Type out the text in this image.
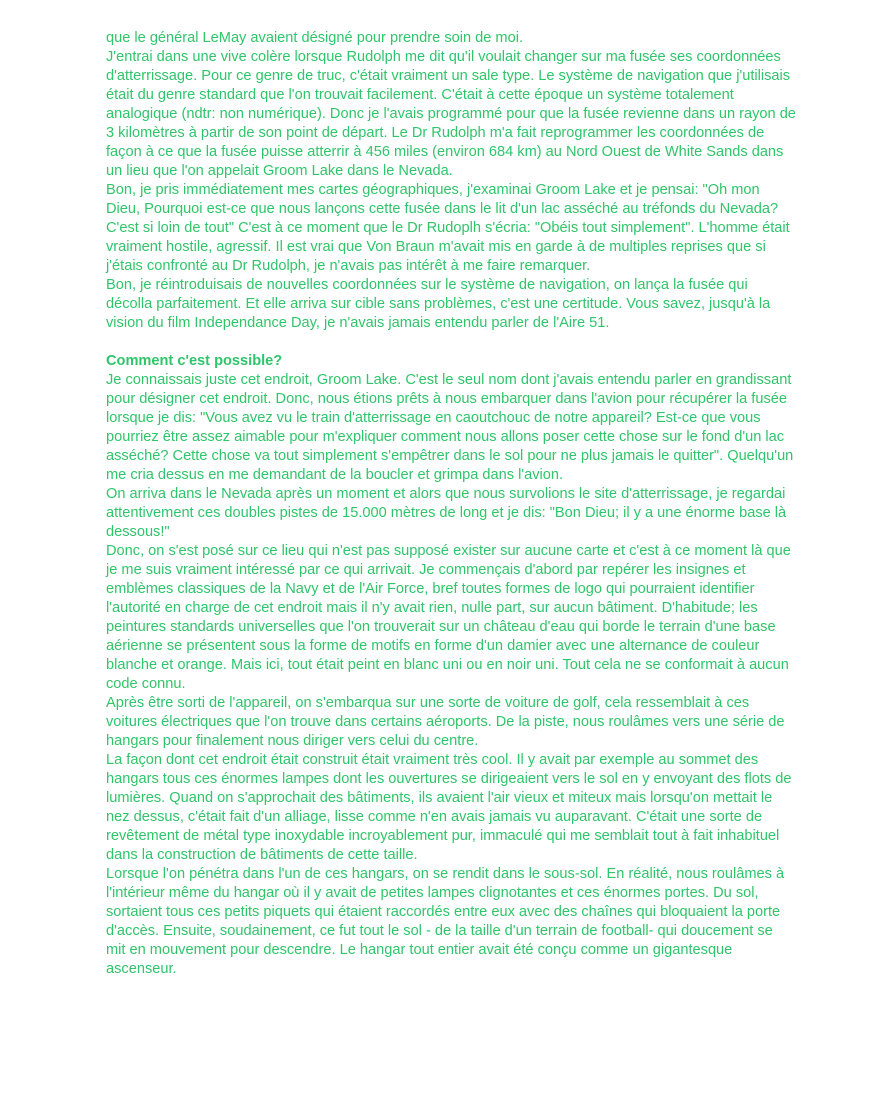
que le général LeMay avaient désigné pour prendre soin de moi.

J'entrai dans une vive colère lorsque Rudolph me dit qu'il voulait changer sur ma fusée ses coordonnées d'atterrissage. Pour ce genre de truc, c'était vraiment un sale type. Le système de navigation que j'utilisais était du genre standard que l'on trouvait facilement. C'était à cette époque un système totalement analogique (ndtr: non numérique). Donc je l'avais programmé pour que la fusée revienne dans un rayon de 3 kilomètres à partir de son point de départ. Le Dr Rudolph m'a fait reprogrammer les coordonnées de façon à ce que la fusée puisse atterrir à 456 miles (environ 684 km) au Nord Ouest de White Sands dans un lieu que l'on appelait Groom Lake dans le Nevada.

Bon, je pris immédiatement mes cartes géographiques, j'examinai Groom Lake et je pensai: "Oh mon Dieu, Pourquoi est-ce que nous lançons cette fusée dans le lit d'un lac asséché au tréfonds du Nevada? C'est si loin de tout" C'est à ce moment que le Dr Rudoplh s'écria: "Obéis tout simplement". L'homme était vraiment hostile, agressif. Il est vrai que Von Braun m'avait mis en garde à de multiples reprises que si j'étais confronté au Dr Rudolph, je n'avais pas intérêt à me faire remarquer.

Bon, je réintroduisais de nouvelles coordonnées sur le système de navigation, on lança la fusée qui décolla parfaitement. Et elle arriva sur cible sans problèmes, c'est une certitude. Vous savez, jusqu'à la vision du film Independance Day, je n'avais jamais entendu parler de l'Aire 51.

Comment c'est possible?

Je connaissais juste cet endroit, Groom Lake. C'est le seul nom dont j'avais entendu parler en grandissant pour désigner cet endroit. Donc, nous étions prêts à nous embarquer dans l'avion pour récupérer la fusée lorsque je dis: "Vous avez vu le train d'atterrissage en caoutchouc de notre appareil? Est-ce que vous pourriez être assez aimable pour m'expliquer comment nous allons poser cette chose sur le fond d'un lac asséché? Cette chose va tout simplement s'empêtrer dans le sol pour ne plus jamais le quitter". Quelqu'un me cria dessus en me demandant de la boucler et grimpa dans l'avion.

On arriva dans le Nevada après un moment et alors que nous survolions le site d'atterrissage, je regardai attentivement ces doubles pistes de 15.000 mètres de long et je dis: "Bon Dieu; il y a une énorme base là dessous!"

Donc, on s'est posé sur ce lieu qui n'est pas supposé exister sur aucune carte et c'est à ce moment là que je me suis vraiment intéressé par ce qui arrivait. Je commençais d'abord par repérer les insignes et emblèmes classiques de la Navy et de l'Air Force, bref toutes formes de logo qui pourraient identifier l'autorité en charge de cet endroit mais il n'y avait rien, nulle part, sur aucun bâtiment. D'habitude; les peintures standards universelles que l'on trouverait sur un château d'eau qui borde le terrain d'une base aérienne se présentent sous la forme de motifs en forme d'un damier avec une alternance de couleur blanche et orange. Mais ici, tout était peint en blanc uni ou en noir uni. Tout cela ne se conformait à aucun code connu.

Après être sorti de l'appareil, on s'embarqua sur une sorte de voiture de golf, cela ressemblait à ces voitures électriques que l'on trouve dans certains aéroports. De la piste, nous roulâmes vers une série de hangars pour finalement nous diriger vers celui du centre.

La façon dont cet endroit était construit était vraiment très cool. Il y avait par exemple au sommet des hangars tous ces énormes lampes dont les ouvertures se dirigeaient vers le sol en y envoyant des flots de lumières. Quand on s'approchait des bâtiments, ils avaient l'air vieux et miteux mais lorsqu'on mettait le nez dessus, c'était fait d'un alliage, lisse comme n'en avais jamais vu auparavant. C'était une sorte de revêtement de métal type inoxydable incroyablement pur, immaculé qui me semblait tout à fait inhabituel dans la construction de bâtiments de cette taille.

Lorsque l'on pénétra dans l'un de ces hangars, on se rendit dans le sous-sol. En réalité, nous roulâmes à l'intérieur même du hangar où il y avait de petites lampes clignotantes et ces énormes portes. Du sol, sortaient tous ces petits piquets qui étaient raccordés entre eux avec des chaînes qui bloquaient la porte d'accès. Ensuite, soudainement, ce fut tout le sol - de la taille d'un terrain de football- qui doucement se mit en mouvement pour descendre. Le hangar tout entier avait été conçu comme un gigantesque ascenseur.
